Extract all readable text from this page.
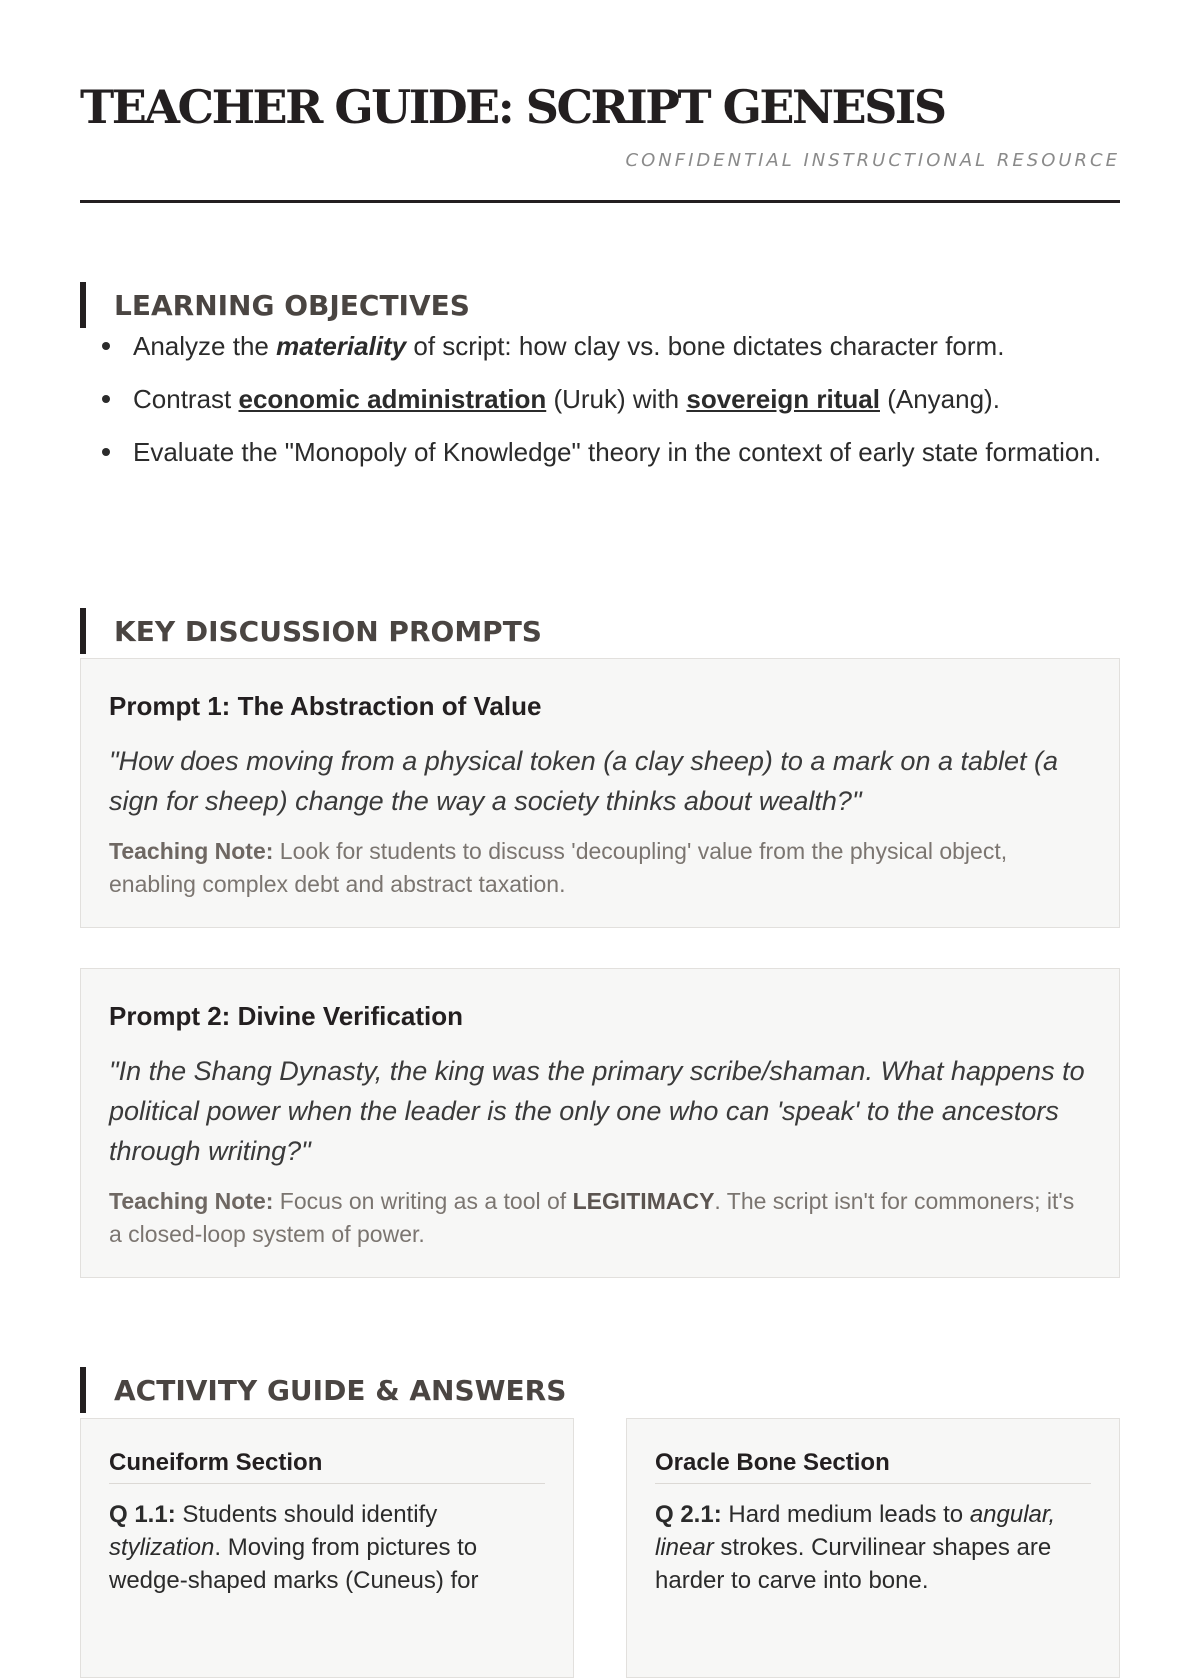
TEACHER GUIDE: SCRIPT GENESIS
CONFIDENTIAL INSTRUCTIONAL RESOURCE
LEARNING OBJECTIVES
Analyze the materiality of script: how clay vs. bone dictates character form.
Contrast economic administration (Uruk) with sovereign ritual (Anyang).
Evaluate the "Monopoly of Knowledge" theory in the context of early state formation.
KEY DISCUSSION PROMPTS
Prompt 1: The Abstraction of Value
"How does moving from a physical token (a clay sheep) to a mark on a tablet (a sign for sheep) change the way a society thinks about wealth?"

Teaching Note: Look for students to discuss 'decoupling' value from the physical object, enabling complex debt and abstract taxation.

Prompt 2: Divine Verification
"In the Shang Dynasty, the king was the primary scribe/shaman. What happens to political power when the leader is the only one who can 'speak' to the ancestors through writing?"

Teaching Note: Focus on writing as a tool of LEGITIMACY. The script isn't for commoners; it's a closed-loop system of power.

ACTIVITY GUIDE & ANSWERS
Cuneiform Section
Q 1.1: Students should identify stylization. Moving from pictures to wedge-shaped marks (Cuneus) for
Oracle Bone Section
Q 2.1: Hard medium leads to angular, linear strokes. Curvilinear shapes are harder to carve into bone.
